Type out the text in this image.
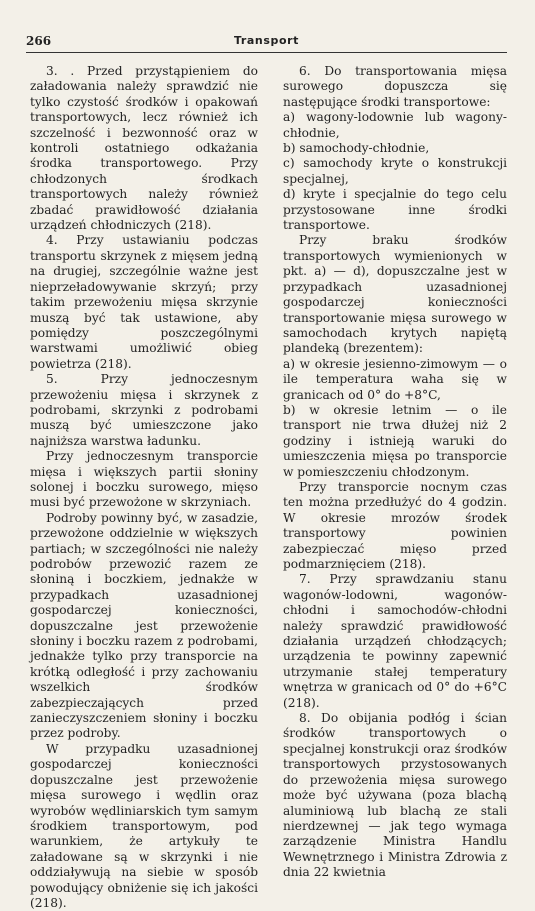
266	Transport

3. . Przed przystąpieniem do załadowania należy sprawdzić nie tylko czystość środków i opakowań transportowych, lecz również ich szczelność i bezwonność oraz w kontroli ostatniego odkażania środka transportowego. Przy chłodzonych środkach transportowych należy również zbadać prawidłowość działania urządzeń chłodniczych (218).

4. Przy ustawianiu podczas transportu skrzynek z mięsem jedną na drugiej, szczególnie ważne jest nieprzeładowywanie skrzyń; przy takim przewożeniu mięsa skrzynie muszą być tak ustawione, aby pomiędzy poszczególnymi warstwami umożliwić obieg powietrza (218).

5. Przy jednoczesnym przewożeniu mięsa i skrzynek z podrobami, skrzynki z podrobami muszą być umieszczone jako najniższa warstwa ładunku.

Przy jednoczesnym transporcie mięsa i większych partii słoniny solonej i boczku surowego, mięso musi być przewożone w skrzyniach.

Podroby powinny być, w zasadzie, przewożone oddzielnie w większych partiach; w szczególności nie należy podrobów przewozić razem ze słoniną i boczkiem, jednakże w przypadkach uzasadnionej gospodarczej konieczności, dopuszczalne jest przewożenie słoniny i boczku razem z podrobami, jednakże tylko przy transporcie na krótką odległość i przy zachowaniu wszelkich środków zabezpieczających przed zanieczyszczeniem słoniny i boczku przez podroby.

W przypadku uzasadnionej gospodarczej konieczności dopuszczalne jest przewożenie mięsa surowego i wędlin oraz wyrobów wędliniarskich tym samym środkiem transportowym, pod warunkiem, że artykuły te załadowane są w skrzynki i nie oddziaływują na siebie w sposób powodujący obniżenie się ich jakości (218).

6. Do transportowania mięsa surowego dopuszcza się następujące środki transportowe:

a) wagony-lodownie lub wagony-chłodnie,

b) samochody-chłodnie,

c) samochody kryte o konstrukcji specjalnej,

d) kryte i specjalnie do tego celu przystosowane inne środki transportowe.

Przy braku środków transportowych wymienionych w pkt. a) — d), dopuszczalne jest w przypadkach uzasadnionej gospodarczej konieczności transportowanie mięsa surowego w samochodach krytych napiętą plandeką (brezentem):

a) w okresie jesienno-zimowym — o ile temperatura waha się w granicach od 0° do +8°C,

b) w okresie letnim — o ile transport nie trwa dłużej niż 2 godziny i istnieją waruki do umieszczenia mięsa po transporcie w pomieszczeniu chłodzonym.

Przy transporcie nocnym czas ten można przedłużyć do 4 godzin. W okresie mrozów środek transportowy powinien zabezpieczać mięso przed podmarznięciem (218).

7. Przy sprawdzaniu stanu wagonów-lodowni, wagonów-chłodni i samochodów-chłodni należy sprawdzić prawidłowość działania urządzeń chłodzących; urządzenia te powinny zapewnić utrzymanie stałej temperatury wnętrza w granicach od 0° do +6°C (218).

8. Do obijania podłóg i ścian środków transportowych o specjalnej konstrukcji oraz środków transportowych przystosowanych do przewożenia mięsa surowego może być używana (poza blachą aluminiową lub blachą ze stali nierdzewnej — jak tego wymaga zarządzenie Ministra Handlu Wewnętrznego i Ministra Zdrowia z dnia 22 kwietnia
